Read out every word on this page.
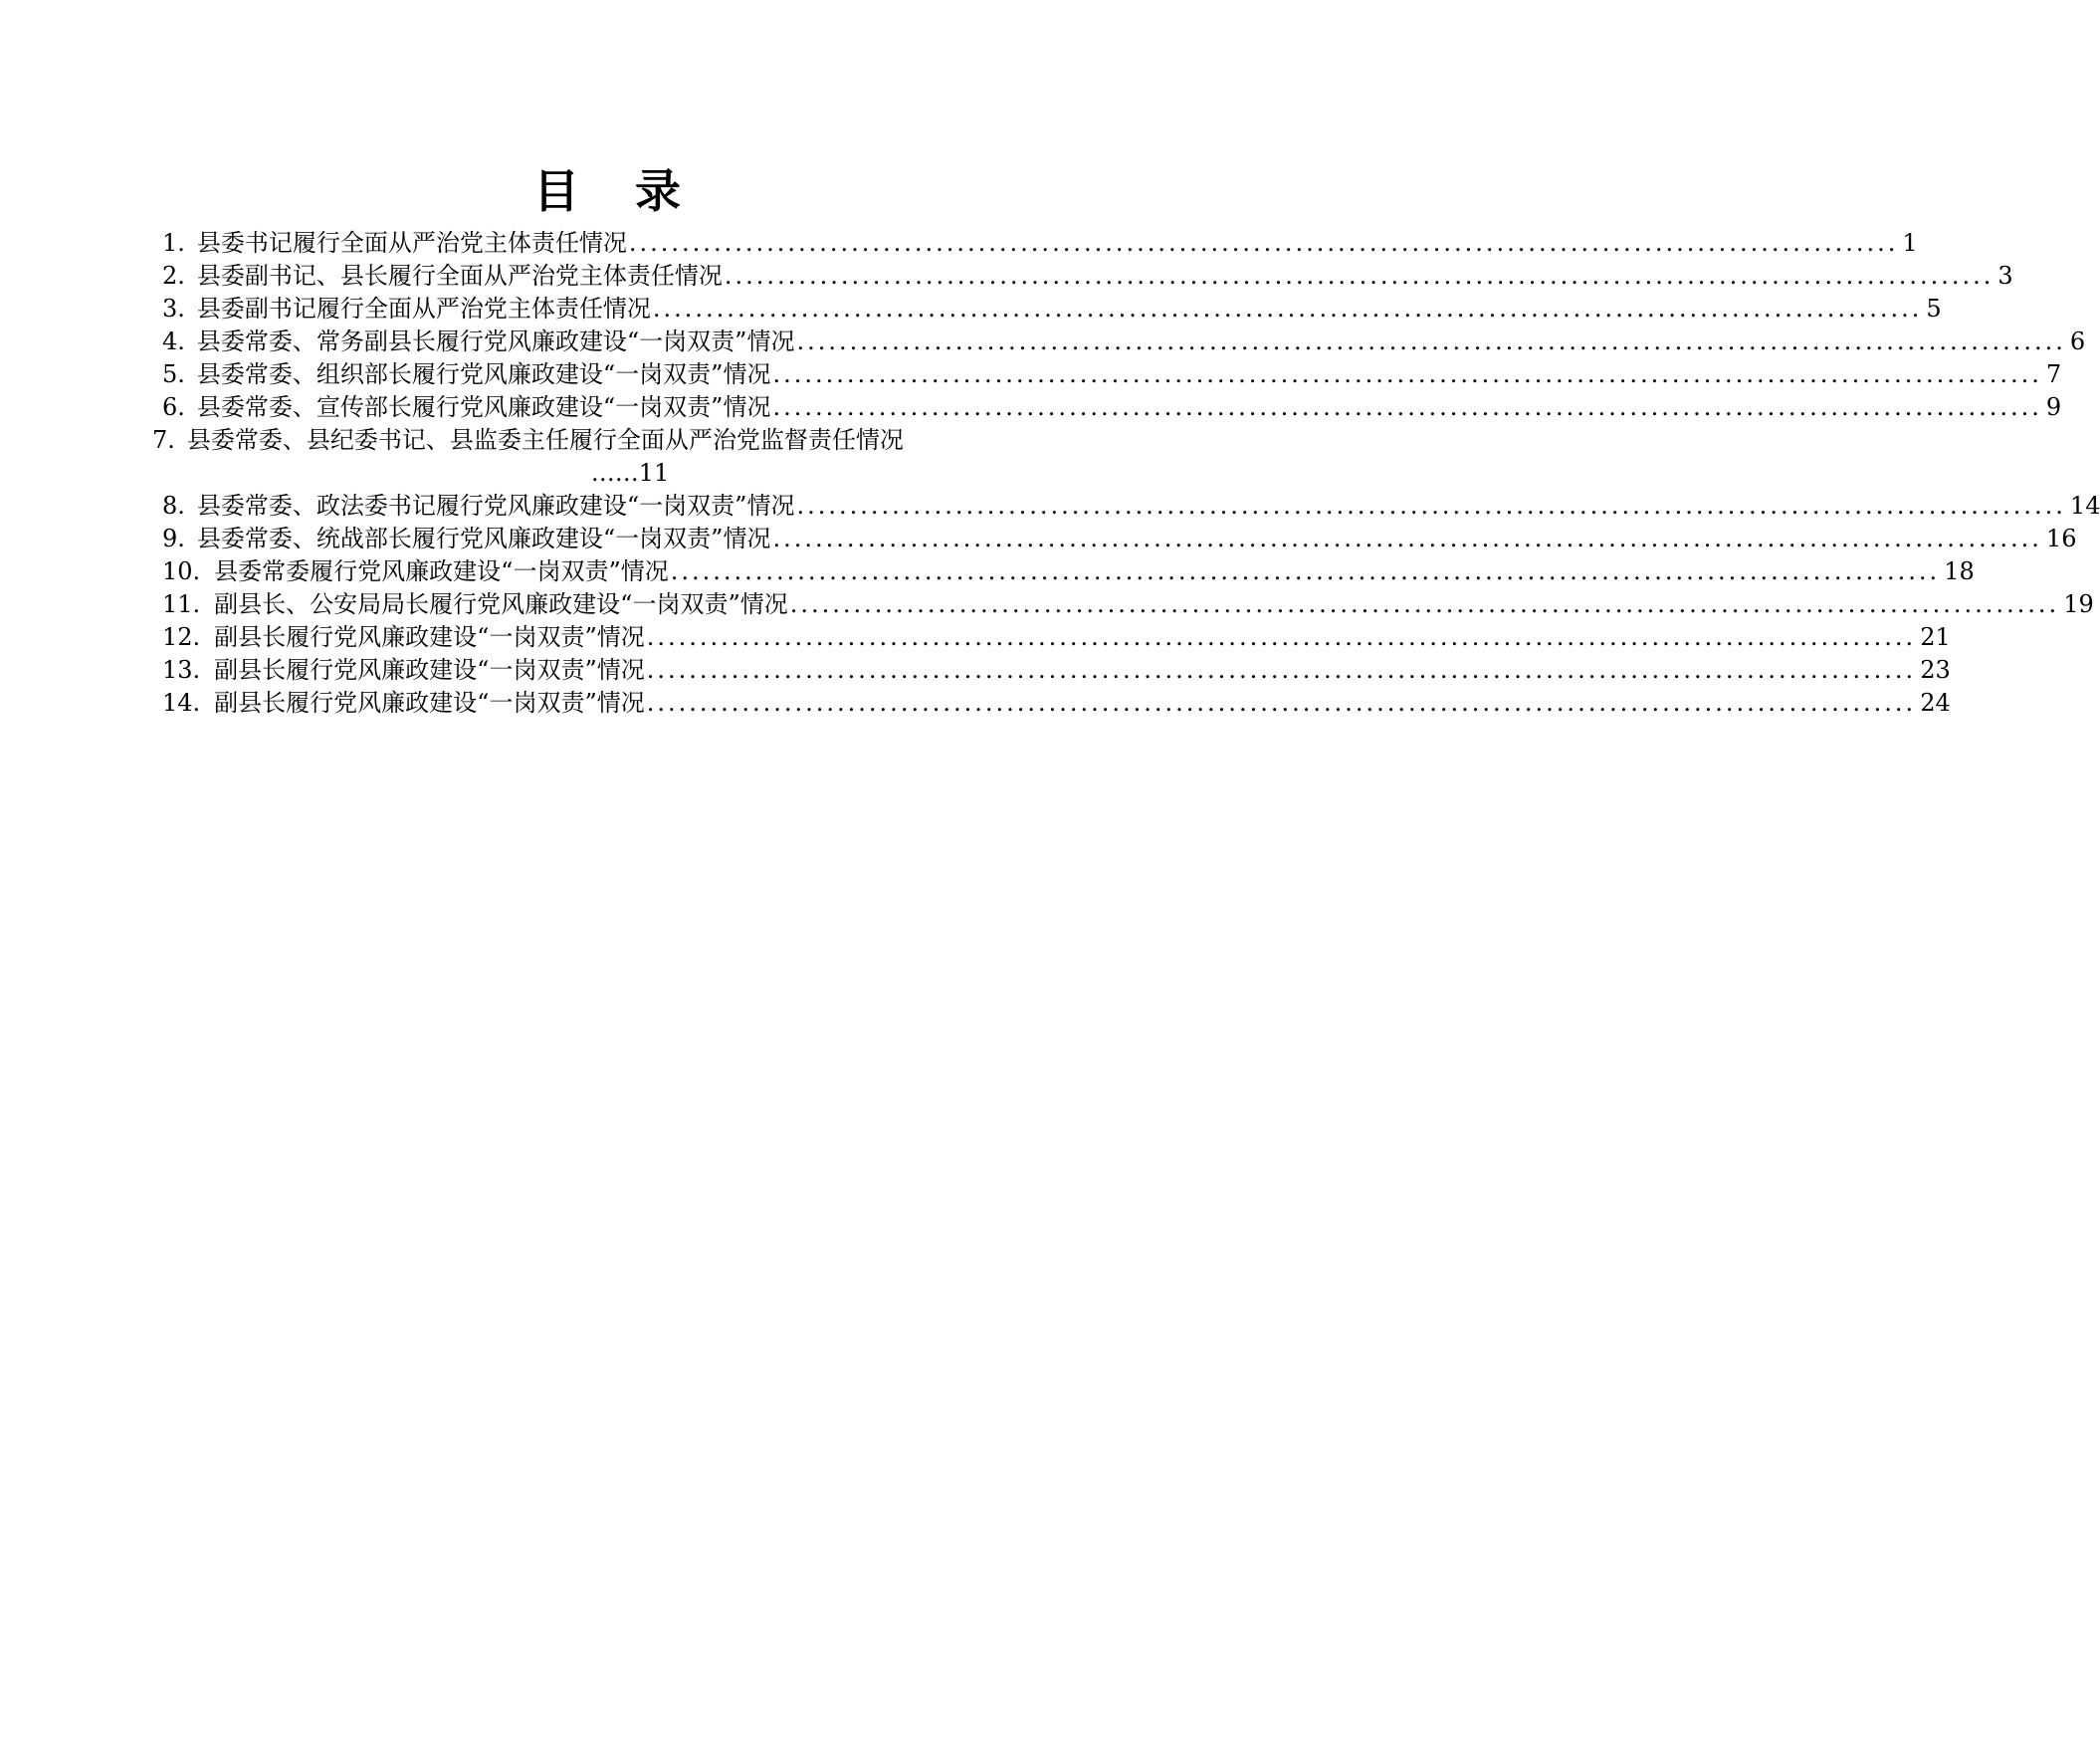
目 录
1. 县委书记履行全面从严治党主体责任情况 ........................................................................................................................ 1
2. 县委副书记、县长履行全面从严治党主体责任情况 ........................................................................................................................ 3
3. 县委副书记履行全面从严治党主体责任情况 ........................................................................................................................ 5
4. 县委常委、常务副县长履行党风廉政建设“一岗双责”情况 ........................................................................................................................ 6
5. 县委常委、组织部长履行党风廉政建设“一岗双责”情况 ........................................................................................................................ 7
6. 县委常委、宣传部长履行党风廉政建设“一岗双责”情况 ........................................................................................................................ 9
7. 县委常委、县纪委书记、县监委主任履行全面从严治党监督责任情况
……11
8. 县委常委、政法委书记履行党风廉政建设“一岗双责”情况 ........................................................................................................................ 14
9. 县委常委、统战部长履行党风廉政建设“一岗双责”情况 ........................................................................................................................ 16
10. 县委常委履行党风廉政建设“一岗双责”情况 ........................................................................................................................ 18
11. 副县长、公安局局长履行党风廉政建设“一岗双责”情况 ........................................................................................................................ 19
12. 副县长履行党风廉政建设“一岗双责”情况 ........................................................................................................................ 21
13. 副县长履行党风廉政建设“一岗双责”情况 ........................................................................................................................ 23
14. 副县长履行党风廉政建设“一岗双责”情况 ........................................................................................................................ 24
